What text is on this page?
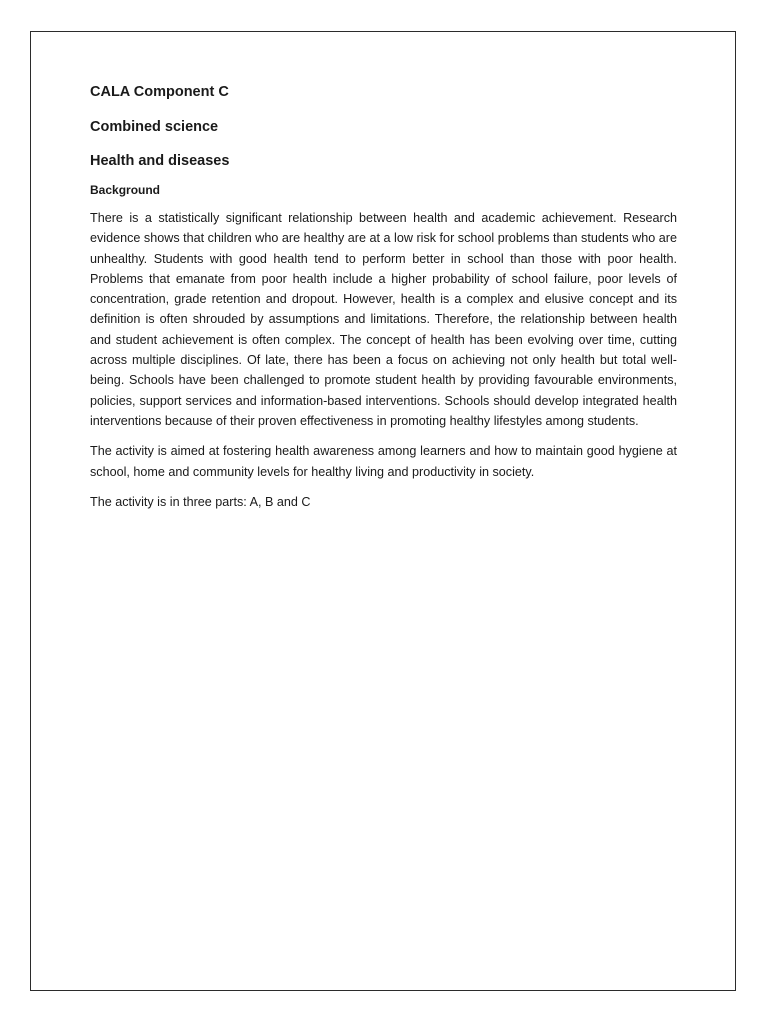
CALA Component C
Combined science
Health and diseases
Background

There is a statistically significant relationship between health and academic achievement. Research evidence shows that children who are healthy are at a low risk for school problems than students who are unhealthy. Students with good health tend to perform better in school than those with poor health. Problems that emanate from poor health include a higher probability of school failure, poor levels of concentration, grade retention and dropout. However, health is a complex and elusive concept and its definition is often shrouded by assumptions and limitations. Therefore, the relationship between health and student achievement is often complex. The concept of health has been evolving over time, cutting across multiple disciplines. Of late, there has been a focus on achieving not only health but total well-being. Schools have been challenged to promote student health by providing favourable environments, policies, support services and information-based interventions. Schools should develop integrated health interventions because of their proven effectiveness in promoting healthy lifestyles among students.

The activity is aimed at fostering health awareness among learners and how to maintain good hygiene at school, home and community levels for healthy living and productivity in society.

The activity is in three parts: A, B and C
